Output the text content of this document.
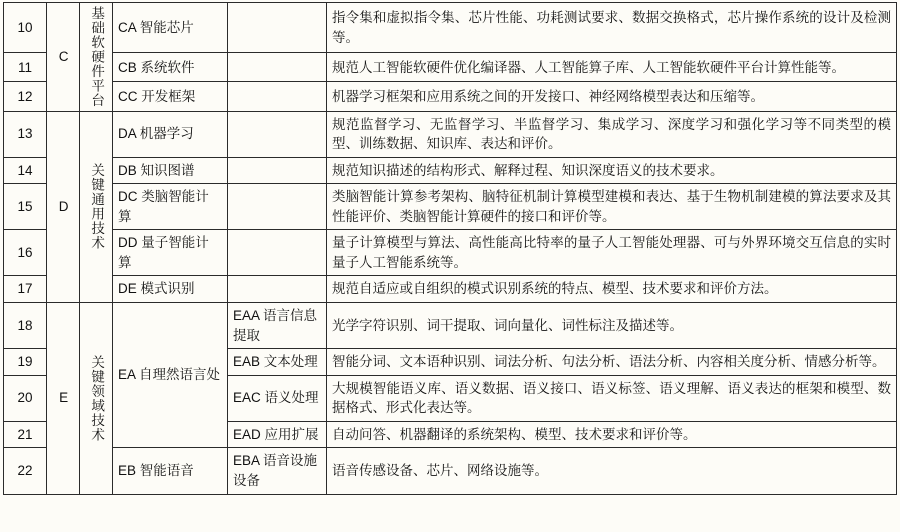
10	C	基础软硬件平台	CA 智能芯片		指令集和虚拟指令集、芯片性能、功耗测试要求、数据交换格式，芯片操作系统的设计及检测等。
11			CB 系统软件		规范人工智能软硬件优化编译器、人工智能算子库、人工智能软硬件平台计算性能等。
12			CC 开发框架		机器学习框架和应用系统之间的开发接口、神经网络模型表达和压缩等。
13	D	关键通用技术	DA 机器学习		规范监督学习、无监督学习、半监督学习、集成学习、深度学习和强化学习等不同类型的模型、训练数据、知识库、表达和评价。
14			DB 知识图谱		规范知识描述的结构形式、解释过程、知识深度语义的技术要求。
15			DC 类脑智能计算		类脑智能计算参考架构、脑特征机制计算模型建模和表达、基于生物机制建模的算法要求及其性能评价、类脑智能计算硬件的接口和评价等。
16			DD 量子智能计算		量子计算模型与算法、高性能高比特率的量子人工智能处理器、可与外界环境交互信息的实时量子人工智能系统等。
17			DE 模式识别		规范自适应或自组织的模式识别系统的特点、模型、技术要求和评价方法。
18	E	关键领域技术	EA 自理然语言处	EAA 语言信息提取	光学字符识别、词干提取、词向量化、词性标注及描述等。
19				EAB 文本处理	智能分词、文本语种识别、词法分析、句法分析、语法分析、内容相关度分析、情感分析等。
20				EAC 语义处理	大规模智能语义库、语义数据、语义接口、语义标签、语义理解、语义表达的框架和模型、数据格式、形式化表达等。
21				EAD 应用扩展	自动问答、机器翻译的系统架构、模型、技术要求和评价等。
22			EB 智能语音	EBA 语音设施设备	语音传感设备、芯片、网络设施等。
